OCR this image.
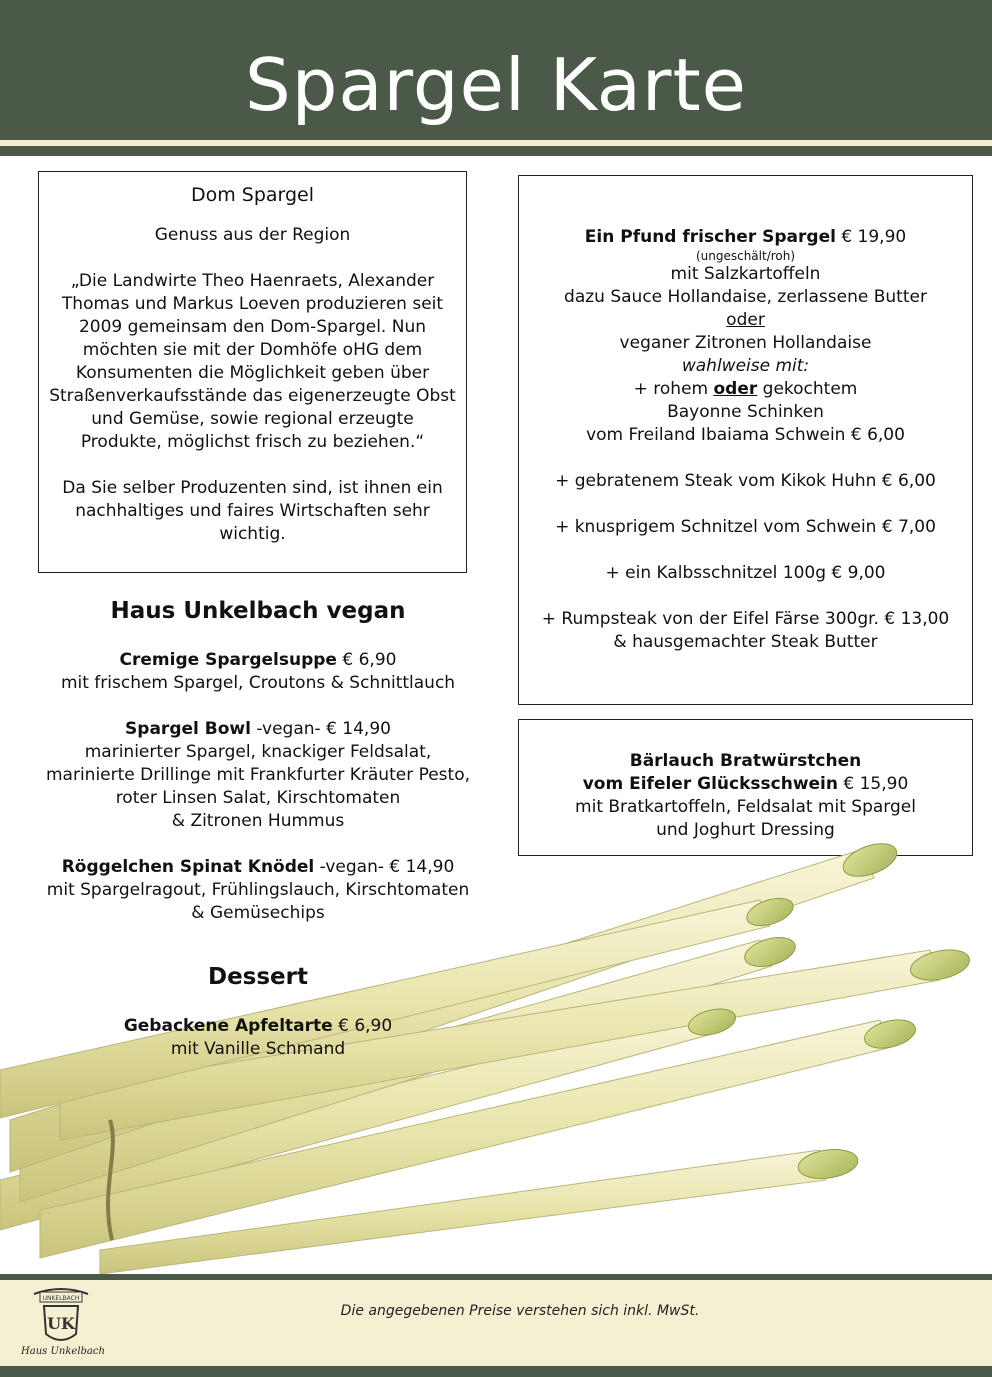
Spargel Karte
Dom Spargel
Genuss aus der Region
„Die Landwirte Theo Haenraets, Alexander
Thomas und Markus Loeven produzieren seit
2009 gemeinsam den Dom-Spargel. Nun
möchten sie mit der Domhöfe oHG dem
Konsumenten die Möglichkeit geben über
Straßenverkaufsstände das eigenerzeugte Obst
und Gemüse, sowie regional erzeugte
Produkte, möglichst frisch zu beziehen.“
Da Sie selber Produzenten sind, ist ihnen ein
nachhaltiges und faires Wirtschaften sehr
wichtig.
Ein Pfund frischer Spargel € 19,90
(ungeschält/roh)
mit Salzkartoffeln
dazu Sauce Hollandaise, zerlassene Butter
oder
veganer Zitronen Hollandaise
wahlweise mit:
+ rohem oder gekochtem
Bayonne Schinken
vom Freiland Ibaiama Schwein € 6,00
+ gebratenem Steak vom Kikok Huhn € 6,00
+ knusprigem Schnitzel vom Schwein € 7,00
+ ein Kalbsschnitzel 100g € 9,00
+ Rumpsteak von der Eifel Färse 300gr. € 13,00
& hausgemachter Steak Butter
Bärlauch Bratwürstchen
vom Eifeler Glücksschwein € 15,90
mit Bratkartoffeln, Feldsalat mit Spargel
und Joghurt Dressing
Haus Unkelbach vegan
Cremige Spargelsuppe € 6,90
mit frischem Spargel, Croutons & Schnittlauch
Spargel Bowl -vegan- € 14,90
marinierter Spargel, knackiger Feldsalat,
marinierte Drillinge mit Frankfurter Kräuter Pesto,
roter Linsen Salat, Kirschtomaten
& Zitronen Hummus
Röggelchen Spinat Knödel -vegan- € 14,90
mit Spargelragout, Frühlingslauch, Kirschtomaten
& Gemüsechips
Dessert
Gebackene Apfeltarte € 6,90
mit Vanille Schmand
Die angegebenen Preise verstehen sich inkl. MwSt.
UNKELBACH
UK
Haus Unkelbach
